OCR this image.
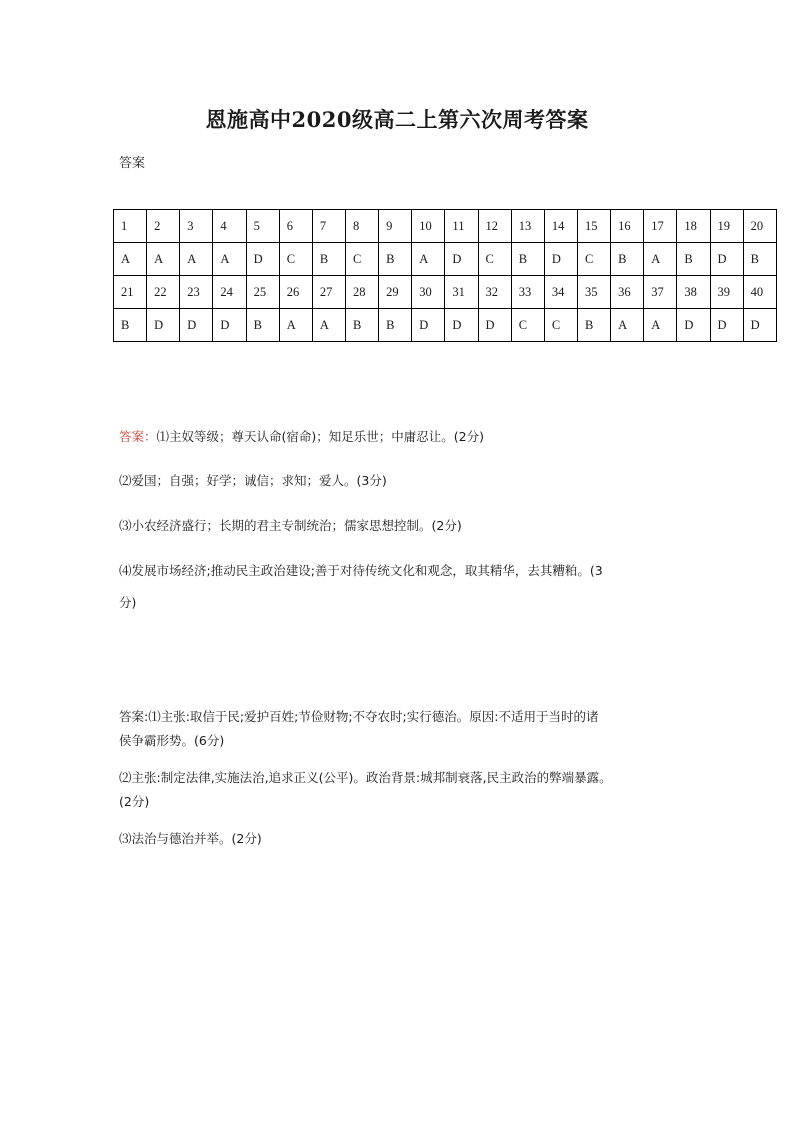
恩施高中2020级高二上第六次周考答案
答案
1	2	3	4	5	6	7	8	9	10	11	12	13	14	15	16	17	18	19	20
A	A	A	A	D	C	B	C	B	A	D	C	B	D	C	B	A	B	D	B
21	22	23	24	25	26	27	28	29	30	31	32	33	34	35	36	37	38	39	40
B	D	D	D	B	A	A	B	B	D	D	D	C	C	B	A	A	D	D	D
答案：⑴主奴等级；尊天认命(宿命)；知足乐世；中庸忍让。(2分)
⑵爱国；自强；好学；诚信；求知；爱人。(3分)
⑶小农经济盛行；长期的君主专制统治；儒家思想控制。(2分)
⑷发展市场经济;推动民主政治建设;善于对待传统文化和观念，取其精华，去其糟粕。(3
分)
答案:⑴主张:取信于民;爱护百姓;节俭财物;不夺农时;实行德治。原因:不适用于当时的诸
侯争霸形势。(6分)
⑵主张:制定法律,实施法治,追求正义(公平)。政治背景:城邦制衰落,民主政治的弊端暴露。
(2分)
⑶法治与德治并举。(2分)
